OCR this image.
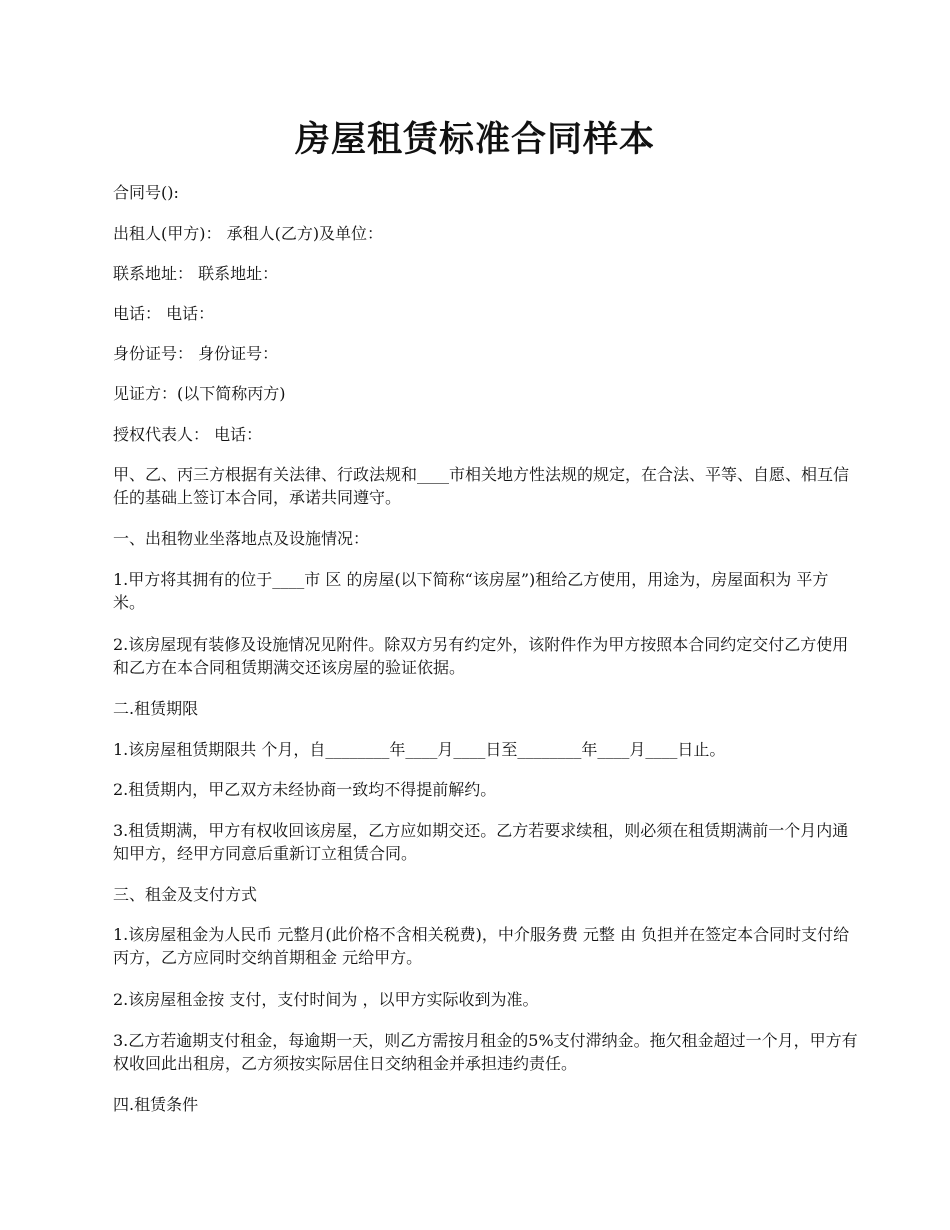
房屋租赁标准合同样本

合同号():

出租人(甲方)： 承租人(乙方)及单位：

联系地址： 联系地址：

电话： 电话：

身份证号： 身份证号：

见证方：(以下简称丙方)

授权代表人： 电话：

甲、乙、丙三方根据有关法律、行政法规和____市相关地方性法规的规定，在合法、平等、自愿、相互信任的基础上签订本合同，承诺共同遵守。

一、出租物业坐落地点及设施情况：

1.甲方将其拥有的位于____市 区 的房屋(以下简称“该房屋”)租给乙方使用，用途为，房屋面积为 平方米。

2.该房屋现有装修及设施情况见附件。除双方另有约定外，该附件作为甲方按照本合同约定交付乙方使用和乙方在本合同租赁期满交还该房屋的验证依据。

二.租赁期限

1.该房屋租赁期限共 个月，自________年____月____日至________年____月____日止。

2.租赁期内，甲乙双方未经协商一致均不得提前解约。

3.租赁期满，甲方有权收回该房屋，乙方应如期交还。乙方若要求续租，则必须在租赁期满前一个月内通知甲方，经甲方同意后重新订立租赁合同。

三、租金及支付方式

1.该房屋租金为人民币 元整月(此价格不含相关税费)，中介服务费 元整 由 负担并在签定本合同时支付给丙方，乙方应同时交纳首期租金 元给甲方。

2.该房屋租金按 支付，支付时间为 ，以甲方实际收到为准。

3.乙方若逾期支付租金，每逾期一天，则乙方需按月租金的5%支付滞纳金。拖欠租金超过一个月，甲方有权收回此出租房，乙方须按实际居住日交纳租金并承担违约责任。

四.租赁条件
